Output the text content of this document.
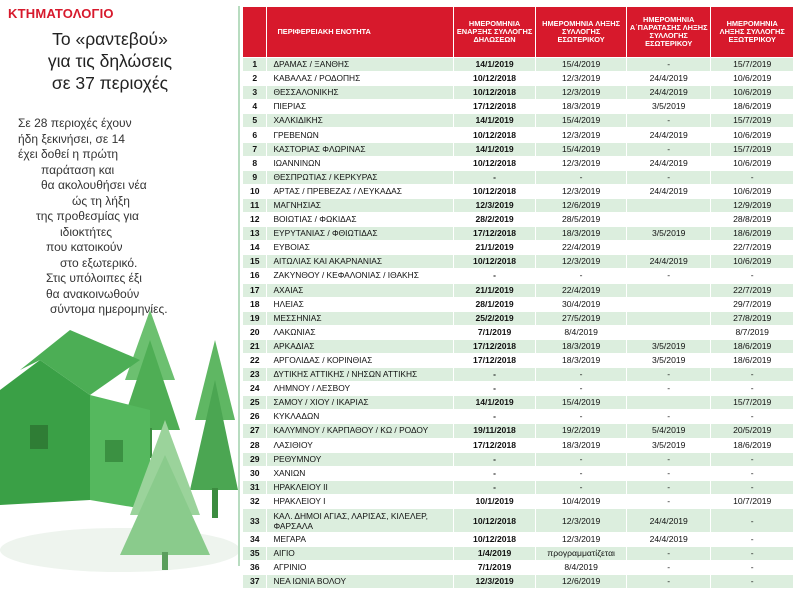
ΚΤΗΜΑΤΟΛΟΓΙΟ
Το «ραντεβού»
για τις δηλώσεις
σε 37 περιοχές
Σε 28 περιοχές έχουν
ήδη ξεκινήσει, σε 14
έχει δοθεί η πρώτη
παράταση και
θα ακολουθήσει νέα
ώς τη λήξη
της προθεσμίας για
ιδιοκτήτες
που κατοικούν
στο εξωτερικό.
Στις υπόλοιπες έξι
θα ανακοινωθούν
σύντομα ημερομηνίες.
	ΠΕΡΙΦΕΡΕΙΑΚΗ ΕΝΟΤΗΤΑ	ΗΜΕΡΟΜΗΝΙΑ ΕΝΑΡΞΗΣ ΣΥΛΛΟΓΗΣ ΔΗΛΩΣΕΩΝ	ΗΜΕΡΟΜΗΝΙΑ ΛΗΞΗΣ ΣΥΛΛΟΓΗΣ ΕΣΩΤΕΡΙΚΟΥ	ΗΜΕΡΟΜΗΝΙΑ Α΄ΠΑΡΑΤΑΣΗΣ ΛΗΞΗΣ ΣΥΛΛΟΓΗΣ ΕΣΩΤΕΡΙΚΟΥ	ΗΜΕΡΟΜΗΝΙΑ ΛΗΞΗΣ ΣΥΛΛΟΓΗΣ ΕΞΩΤΕΡΙΚΟΥ
1	ΔΡΑΜΑΣ / ΞΑΝΘΗΣ	14/1/2019	15/4/2019	-	15/7/2019
2	ΚΑΒΑΛΑΣ / ΡΟΔΟΠΗΣ	10/12/2018	12/3/2019	24/4/2019	10/6/2019
3	ΘΕΣΣΑΛΟΝΙΚΗΣ	10/12/2018	12/3/2019	24/4/2019	10/6/2019
4	ΠΙΕΡΙΑΣ	17/12/2018	18/3/2019	3/5/2019	18/6/2019
5	ΧΑΛΚΙΔΙΚΗΣ	14/1/2019	15/4/2019	-	15/7/2019
6	ΓΡΕΒΕΝΩΝ	10/12/2018	12/3/2019	24/4/2019	10/6/2019
7	ΚΑΣΤΟΡΙΑΣ ΦΛΩΡΙΝΑΣ	14/1/2019	15/4/2019	-	15/7/2019
8	ΙΩΑΝΝΙΝΩΝ	10/12/2018	12/3/2019	24/4/2019	10/6/2019
9	ΘΕΣΠΡΩΤΙΑΣ / ΚΕΡΚΥΡΑΣ	-	-	-	-
10	ΑΡΤΑΣ / ΠΡΕΒΕΖΑΣ / ΛΕΥΚΑΔΑΣ	10/12/2018	12/3/2019	24/4/2019	10/6/2019
11	ΜΑΓΝΗΣΙΑΣ	12/3/2019	12/6/2019		12/9/2019
12	ΒΟΙΩΤΙΑΣ / ΦΩΚΙΔΑΣ	28/2/2019	28/5/2019		28/8/2019
13	ΕΥΡΥΤΑΝΙΑΣ / ΦΘΙΩΤΙΔΑΣ	17/12/2018	18/3/2019	3/5/2019	18/6/2019
14	ΕΥΒΟΙΑΣ	21/1/2019	22/4/2019		22/7/2019
15	ΑΙΤΩΛΙΑΣ ΚΑΙ ΑΚΑΡΝΑΝΙΑΣ	10/12/2018	12/3/2019	24/4/2019	10/6/2019
16	ΖΑΚΥΝΘΟΥ / ΚΕΦΑΛΟΝΙΑΣ / ΙΘΑΚΗΣ	-	-	-	-
17	ΑΧΑΙΑΣ	21/1/2019	22/4/2019		22/7/2019
18	ΗΛΕΙΑΣ	28/1/2019	30/4/2019		29/7/2019
19	ΜΕΣΣΗΝΙΑΣ	25/2/2019	27/5/2019		27/8/2019
20	ΛΑΚΩΝΙΑΣ	7/1/2019	8/4/2019		8/7/2019
21	ΑΡΚΑΔΙΑΣ	17/12/2018	18/3/2019	3/5/2019	18/6/2019
22	ΑΡΓΟΛΙΔΑΣ / ΚΟΡΙΝΘΙΑΣ	17/12/2018	18/3/2019	3/5/2019	18/6/2019
23	ΔΥΤΙΚΗΣ ΑΤΤΙΚΗΣ / ΝΗΣΩΝ ΑΤΤΙΚΗΣ	-	-	-	-
24	ΛΗΜΝΟΥ / ΛΕΣΒΟΥ	-	-	-	-
25	ΣΑΜΟΥ / ΧΙΟΥ / ΙΚΑΡΙΑΣ	14/1/2019	15/4/2019		15/7/2019
26	ΚΥΚΛΑΔΩΝ	-	-	-	-
27	ΚΑΛΥΜΝΟΥ / ΚΑΡΠΑΘΟΥ / ΚΩ / ΡΟΔΟΥ	19/11/2018	19/2/2019	5/4/2019	20/5/2019
28	ΛΑΣΙΘΙΟΥ	17/12/2018	18/3/2019	3/5/2019	18/6/2019
29	ΡΕΘΥΜΝΟΥ	-	-	-	-
30	ΧΑΝΙΩΝ	-	-	-	-
31	ΗΡΑΚΛΕΙΟΥ ΙΙ	-	-	-	-
32	ΗΡΑΚΛΕΙΟΥ Ι	10/1/2019	10/4/2019	-	10/7/2019
33	ΚΑΛ. ΔΗΜΟΙ ΑΓΙΑΣ, ΛΑΡΙΣΑΣ, ΚΙΛΕΛΕΡ, ΦΑΡΣΑΛΑ	10/12/2018	12/3/2019	24/4/2019	-
34	ΜΕΓΑΡΑ	10/12/2018	12/3/2019	24/4/2019	-
35	ΑΙΓΙΟ	1/4/2019	προγραμματίζεται	-	-
36	ΑΓΡΙΝΙΟ	7/1/2019	8/4/2019	-	-
37	ΝΕΑ ΙΩΝΙΑ ΒΟΛΟΥ	12/3/2019	12/6/2019	-	-
